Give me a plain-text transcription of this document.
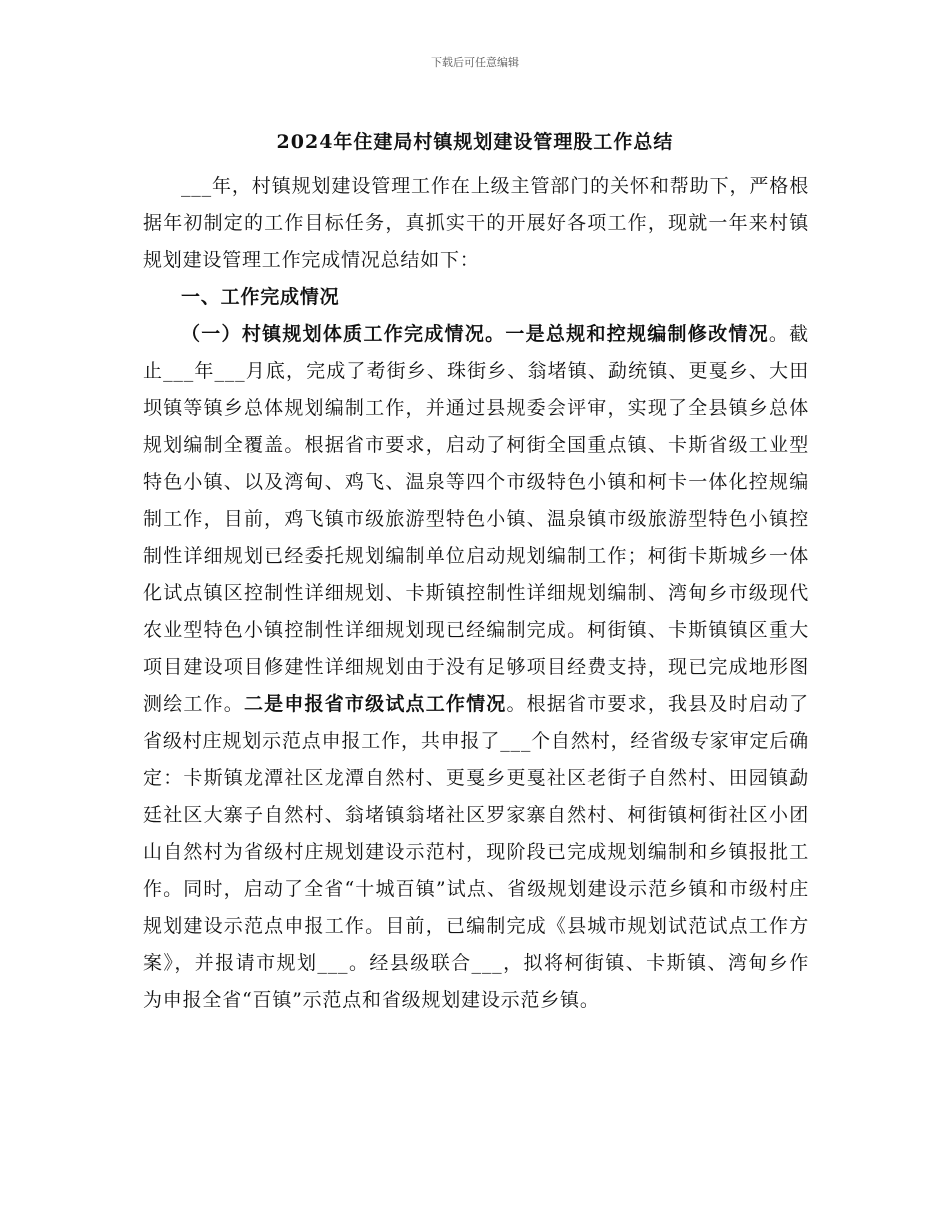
下载后可任意编辑
2024年住建局村镇规划建设管理股工作总结

___年，村镇规划建设管理工作在上级主管部门的关怀和帮助下，严格根据年初制定的工作目标任务，真抓实干的开展好各项工作，现就一年来村镇规划建设管理工作完成情况总结如下：

一、工作完成情况

（一）村镇规划体质工作完成情况。一是总规和控规编制修改情况。截止___年___月底，完成了耇街乡、珠街乡、翁堵镇、勐统镇、更戛乡、大田坝镇等镇乡总体规划编制工作，并通过县规委会评审，实现了全县镇乡总体规划编制全覆盖。根据省市要求，启动了柯街全国重点镇、卡斯省级工业型特色小镇、以及湾甸、鸡飞、温泉等四个市级特色小镇和柯卡一体化控规编制工作，目前，鸡飞镇市级旅游型特色小镇、温泉镇市级旅游型特色小镇控制性详细规划已经委托规划编制单位启动规划编制工作；柯街卡斯城乡一体化试点镇区控制性详细规划、卡斯镇控制性详细规划编制、湾甸乡市级现代农业型特色小镇控制性详细规划现已经编制完成。柯街镇、卡斯镇镇区重大项目建设项目修建性详细规划由于没有足够项目经费支持，现已完成地形图测绘工作。二是申报省市级试点工作情况。根据省市要求，我县及时启动了省级村庄规划示范点申报工作，共申报了___个自然村，经省级专家审定后确定：卡斯镇龙潭社区龙潭自然村、更戛乡更戛社区老街子自然村、田园镇勐廷社区大寨子自然村、翁堵镇翁堵社区罗家寨自然村、柯街镇柯街社区小团山自然村为省级村庄规划建设示范村，现阶段已完成规划编制和乡镇报批工作。同时，启动了全省“十城百镇”试点、省级规划建设示范乡镇和市级村庄规划建设示范点申报工作。目前，已编制完成《县城市规划试范试点工作方案》，并报请市规划___。经县级联合___，拟将柯街镇、卡斯镇、湾甸乡作为申报全省“百镇”示范点和省级规划建设示范乡镇。
